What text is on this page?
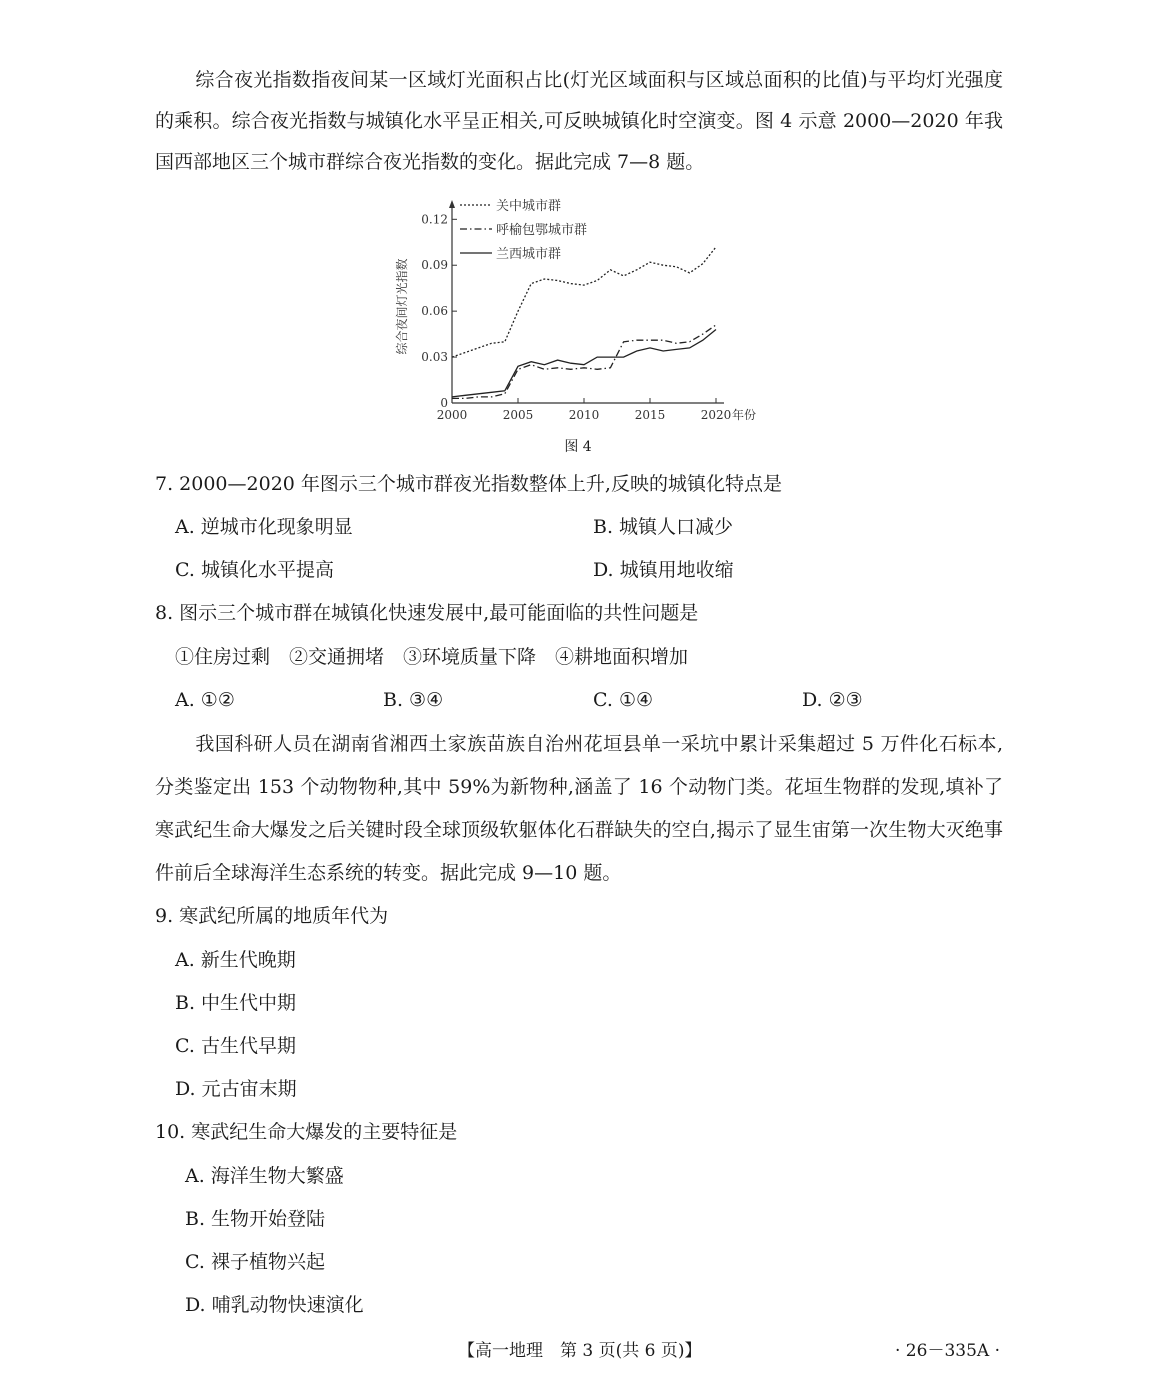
综合夜光指数指夜间某一区域灯光面积占比(灯光区域面积与区域总面积的比值)与平均灯光强度的乘积。综合夜光指数与城镇化水平呈正相关,可反映城镇化时空演变。图 4 示意 2000—2020 年我国西部地区三个城市群综合夜光指数的变化。据此完成 7—8 题。
0
0.03
0.06
0.09
0.12
2000	2005	2010	2015	2020 年份
综合夜间灯光指数
关中城市群
呼榆包鄂城市群
兰西城市群
图 4
7. 2000—2020 年图示三个城市群夜光指数整体上升,反映的城镇化特点是
A. 逆城市化现象明显	B. 城镇人口减少
C. 城镇化水平提高	D. 城镇用地收缩
8. 图示三个城市群在城镇化快速发展中,最可能面临的共性问题是
①住房过剩　②交通拥堵　③环境质量下降　④耕地面积增加
A. ①②	B. ③④	C. ①④	D. ②③
我国科研人员在湖南省湘西土家族苗族自治州花垣县单一采坑中累计采集超过 5 万件化石标本,分类鉴定出 153 个动物物种,其中 59%为新物种,涵盖了 16 个动物门类。花垣生物群的发现,填补了寒武纪生命大爆发之后关键时段全球顶级软躯体化石群缺失的空白,揭示了显生宙第一次生物大灭绝事件前后全球海洋生态系统的转变。据此完成 9—10 题。
9. 寒武纪所属的地质年代为
A. 新生代晚期
B. 中生代中期
C. 古生代早期
D. 元古宙末期
10. 寒武纪生命大爆发的主要特征是
A. 海洋生物大繁盛
B. 生物开始登陆
C. 裸子植物兴起
D. 哺乳动物快速演化
【高一地理　第 3 页(共 6 页)】	· 26－335A ·
